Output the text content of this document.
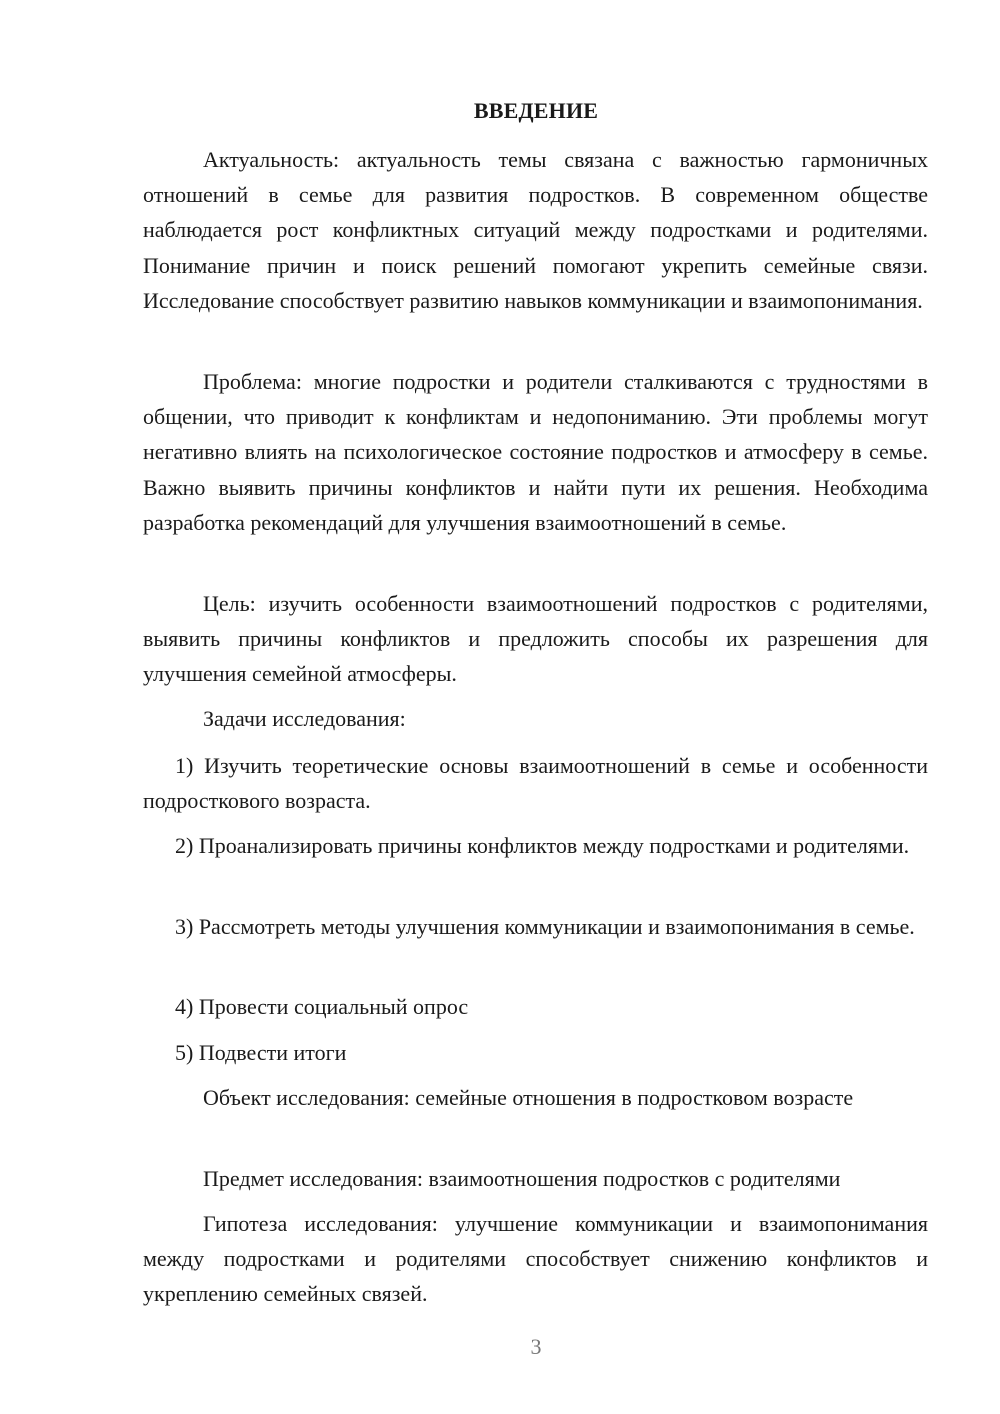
ВВЕДЕНИЕ
Актуальность: актуальность темы связана с важностью гармоничных отношений в семье для развития подростков. В современном обществе наблюдается рост конфликтных ситуаций между подростками и родителями. Понимание причин и поиск решений помогают укрепить семейные связи. Исследование способствует развитию навыков коммуникации и взаимопонимания.
Проблема: многие подростки и родители сталкиваются с трудностями в общении, что приводит к конфликтам и недопониманию. Эти проблемы могут негативно влиять на психологическое состояние подростков и атмосферу в семье. Важно выявить причины конфликтов и найти пути их решения. Необходима разработка рекомендаций для улучшения взаимоотношений в семье.
Цель: изучить особенности взаимоотношений подростков с родителями, выявить причины конфликтов и предложить способы их разрешения для улучшения семейной атмосферы.
Задачи исследования:
1) Изучить теоретические основы взаимоотношений в семье и особенности подросткового возраста.
2) Проанализировать причины конфликтов между подростками и родителями.
3) Рассмотреть методы улучшения коммуникации и взаимопонимания в семье.
4) Провести социальный опрос
5) Подвести итоги
Объект исследования: семейные отношения в подростковом возрасте
Предмет исследования: взаимоотношения подростков с родителями
Гипотеза исследования: улучшение коммуникации и взаимопонимания между подростками и родителями способствует снижению конфликтов и укреплению семейных связей.
3
